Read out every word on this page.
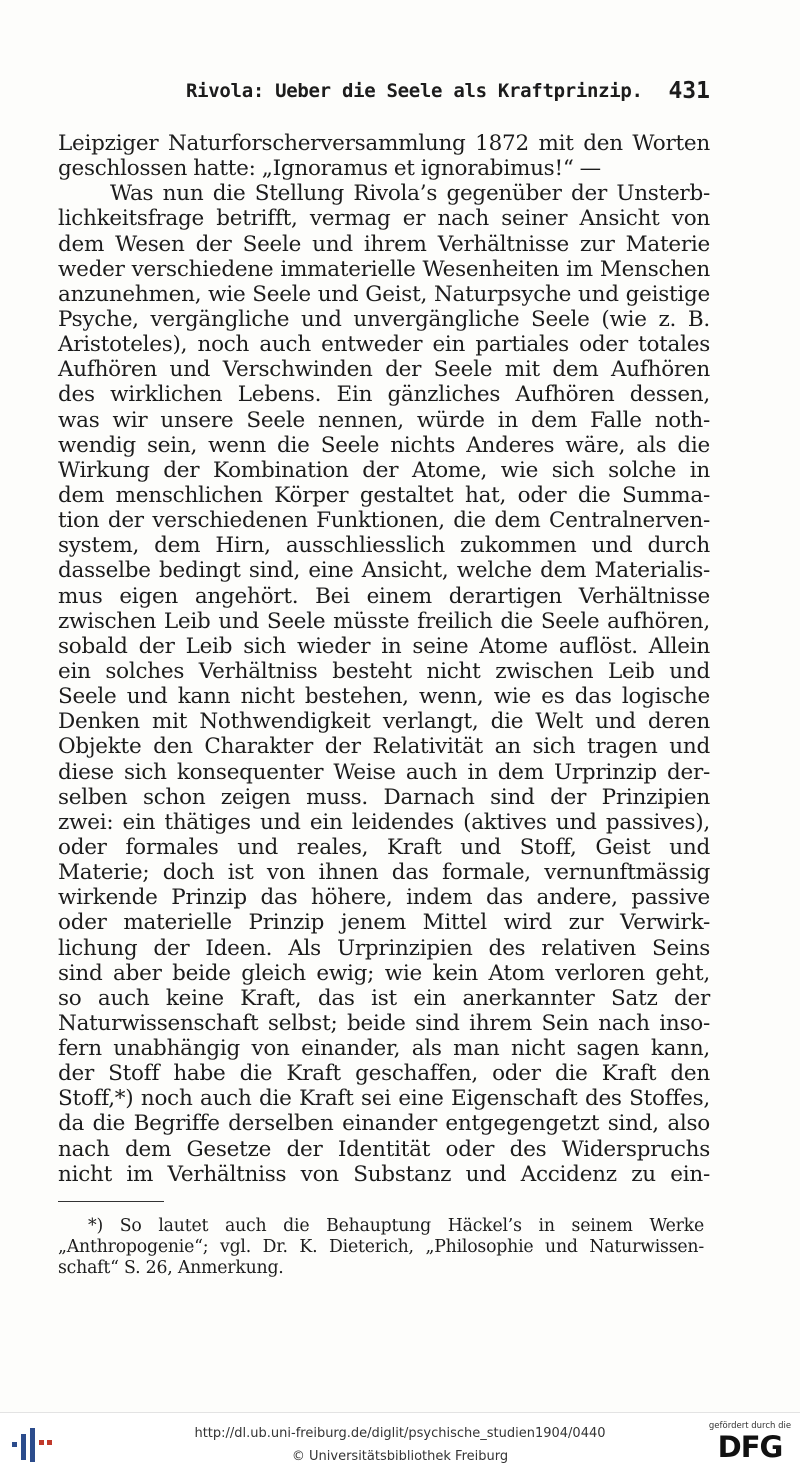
Rivola: Ueber die Seele als Kraftprinzip. 431
Leipziger Naturforscherversammlung 1872 mit den Worten
geschlossen hatte: „Ignoramus et ignorabimus!“ —
Was nun die Stellung Rivola’s gegenüber der Unsterb-
lichkeitsfrage betrifft, vermag er nach seiner Ansicht von
dem Wesen der Seele und ihrem Verhältnisse zur Materie
weder verschiedene immaterielle Wesenheiten im Menschen
anzunehmen, wie Seele und Geist, Naturpsyche und geistige
Psyche, vergängliche und unvergängliche Seele (wie z. B.
Aristoteles), noch auch entweder ein partiales oder totales
Aufhören und Verschwinden der Seele mit dem Aufhören
des wirklichen Lebens. Ein gänzliches Aufhören dessen,
was wir unsere Seele nennen, würde in dem Falle noth-
wendig sein, wenn die Seele nichts Anderes wäre, als die
Wirkung der Kombination der Atome, wie sich solche in
dem menschlichen Körper gestaltet hat, oder die Summa-
tion der verschiedenen Funktionen, die dem Centralnerven-
system, dem Hirn, ausschliesslich zukommen und durch
dasselbe bedingt sind, eine Ansicht, welche dem Materialis-
mus eigen angehört. Bei einem derartigen Verhältnisse
zwischen Leib und Seele müsste freilich die Seele aufhören,
sobald der Leib sich wieder in seine Atome auflöst. Allein
ein solches Verhältniss besteht nicht zwischen Leib und
Seele und kann nicht bestehen, wenn, wie es das logische
Denken mit Nothwendigkeit verlangt, die Welt und deren
Objekte den Charakter der Relativität an sich tragen und
diese sich konsequenter Weise auch in dem Urprinzip der-
selben schon zeigen muss. Darnach sind der Prinzipien
zwei: ein thätiges und ein leidendes (aktives und passives),
oder formales und reales, Kraft und Stoff, Geist und
Materie; doch ist von ihnen das formale, vernunftmässig
wirkende Prinzip das höhere, indem das andere, passive
oder materielle Prinzip jenem Mittel wird zur Verwirk-
lichung der Ideen. Als Urprinzipien des relativen Seins
sind aber beide gleich ewig; wie kein Atom verloren geht,
so auch keine Kraft, das ist ein anerkannter Satz der
Naturwissenschaft selbst; beide sind ihrem Sein nach inso-
fern unabhängig von einander, als man nicht sagen kann,
der Stoff habe die Kraft geschaffen, oder die Kraft den
Stoff,*) noch auch die Kraft sei eine Eigenschaft des Stoffes,
da die Begriffe derselben einander entgegengetzt sind, also
nach dem Gesetze der Identität oder des Widerspruchs
nicht im Verhältniss von Substanz und Accidenz zu ein-
*) So lautet auch die Behauptung Häckel’s in seinem Werke
„Anthropogenie“; vgl. Dr. K. Dieterich, „Philosophie und Naturwissen-
schaft“ S. 26, Anmerkung.
http://dl.ub.uni-freiburg.de/diglit/psychische_studien1904/0440
© Universitätsbibliothek Freiburg
gefördert durch die
DFG
